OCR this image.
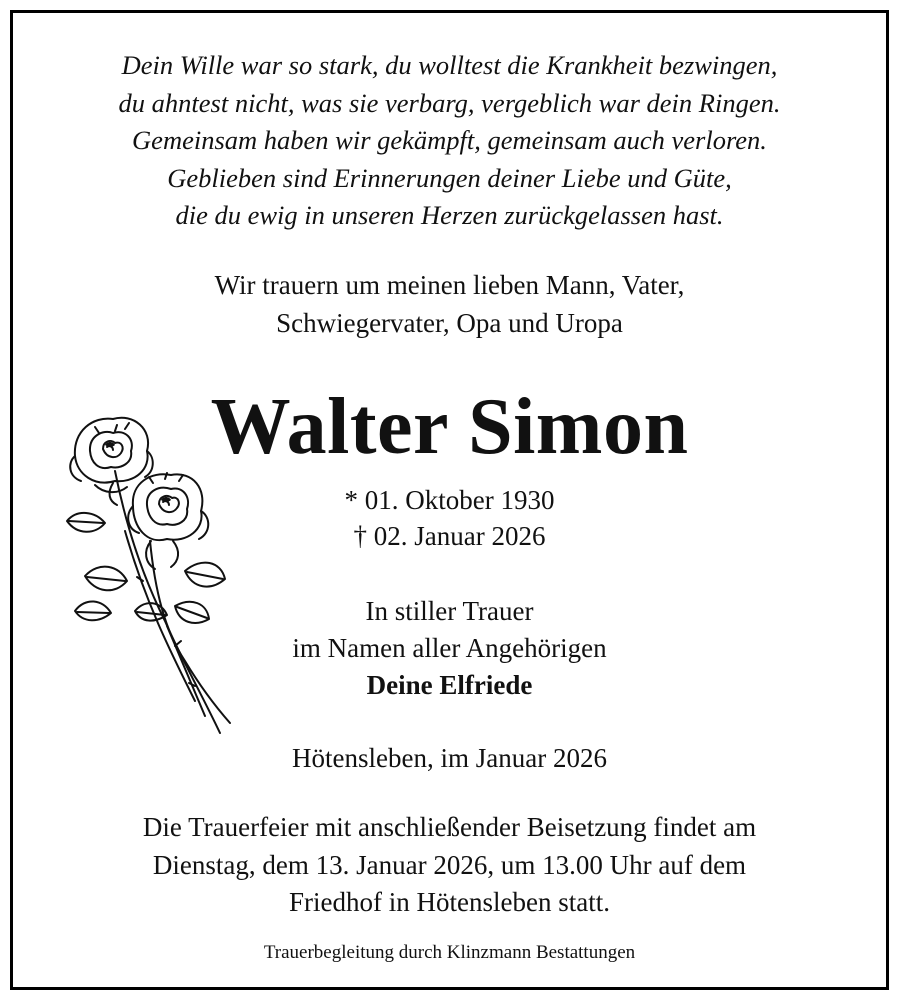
Dein Wille war so stark, du wolltest die Krankheit bezwingen,
du ahntest nicht, was sie verbarg, vergeblich war dein Ringen.
Gemeinsam haben wir gekämpft, gemeinsam auch verloren.
Geblieben sind Erinnerungen deiner Liebe und Güte,
die du ewig in unseren Herzen zurückgelassen hast.
Wir trauern um meinen lieben Mann, Vater,
Schwiegervater, Opa und Uropa
Walter Simon
* 01. Oktober 1930
† 02. Januar 2026
In stiller Trauer
im Namen aller Angehörigen
Deine Elfriede
Hötensleben, im Januar 2026
Die Trauerfeier mit anschließender Beisetzung findet am
Dienstag, dem 13. Januar 2026, um 13.00 Uhr auf dem
Friedhof in Hötensleben statt.
Trauerbegleitung durch Klinzmann Bestattungen
